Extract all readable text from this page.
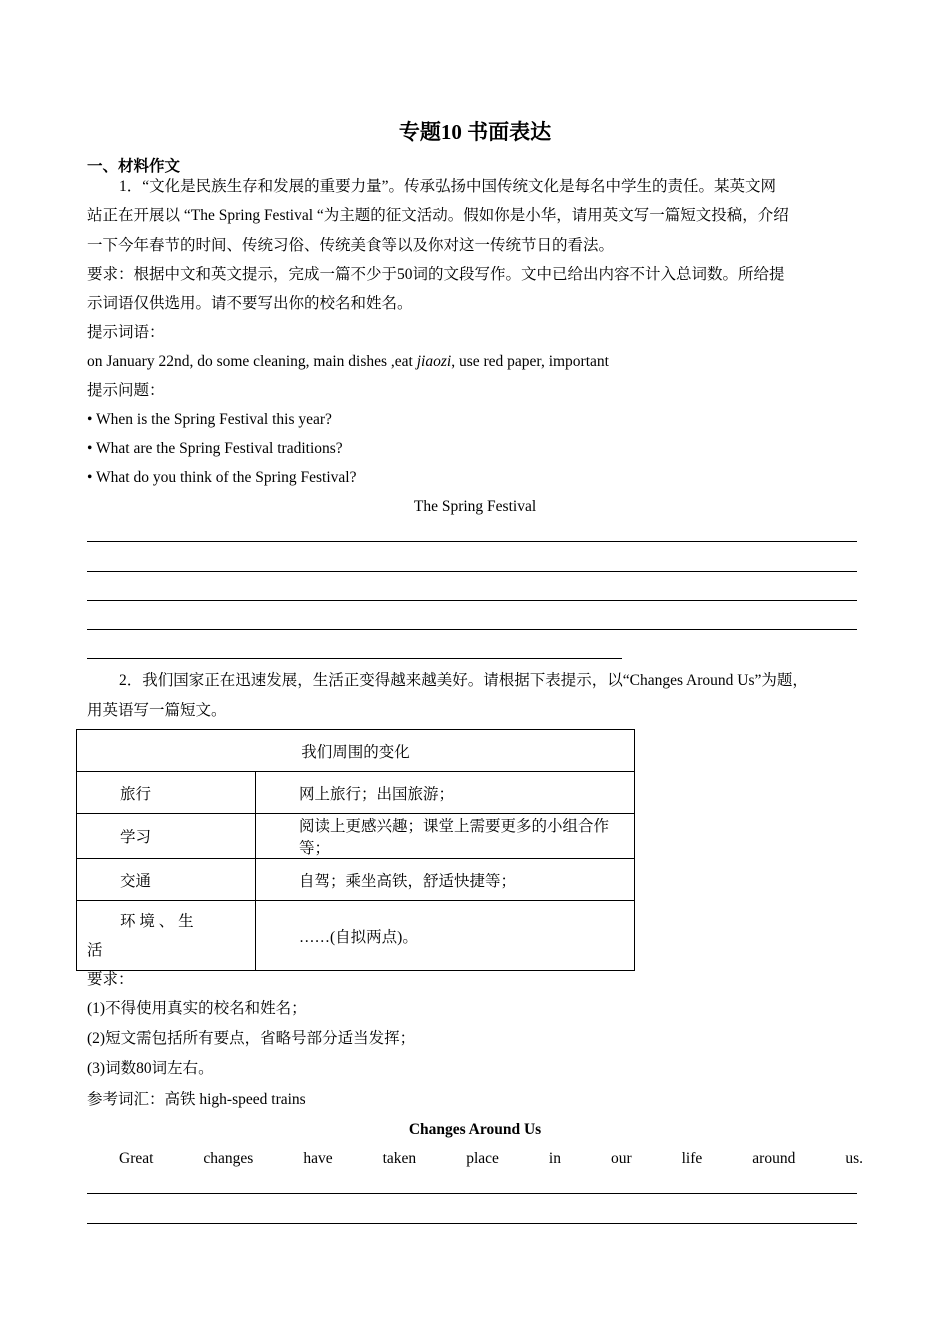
专题10 书面表达
一、材料作文
1．“文化是民族生存和发展的重要力量”。传承弘扬中国传统文化是每名中学生的责任。某英文网
站正在开展以 “The Spring Festival “为主题的征文活动。假如你是小华，请用英文写一篇短文投稿，介绍
一下今年春节的时间、传统习俗、传统美食等以及你对这一传统节日的看法。
要求：根据中文和英文提示，完成一篇不少于50词的文段写作。文中已给出内容不计入总词数。所给提
示词语仅供选用。请不要写出你的校名和姓名。
提示词语：
on January 22nd, do some cleaning, main dishes ,eat jiaozi, use red paper, important
提示问题：
• When is the Spring Festival this year?
• What are the Spring Festival traditions?
• What do you think of the Spring Festival?
The Spring Festival
2．我们国家正在迅速发展，生活正变得越来越美好。请根据下表提示，以“Changes Around Us”为题，
用英语写一篇短文。
我们周围的变化	
旅行	网上旅行；出国旅游；
学习	阅读上更感兴趣；课堂上需要更多的小组合作等；
交通	自驾；乘坐高铁，舒适快捷等；

环 境 、 生
活	……(自拟两点)。
要求：
(1)不得使用真实的校名和姓名；
(2)短文需包括所有要点，省略号部分适当发挥；
(3)词数80词左右。
参考词汇：高铁 high-speed trains
Changes Around Us
Great	changes	have	taken	place	in	our	life	around	us.
